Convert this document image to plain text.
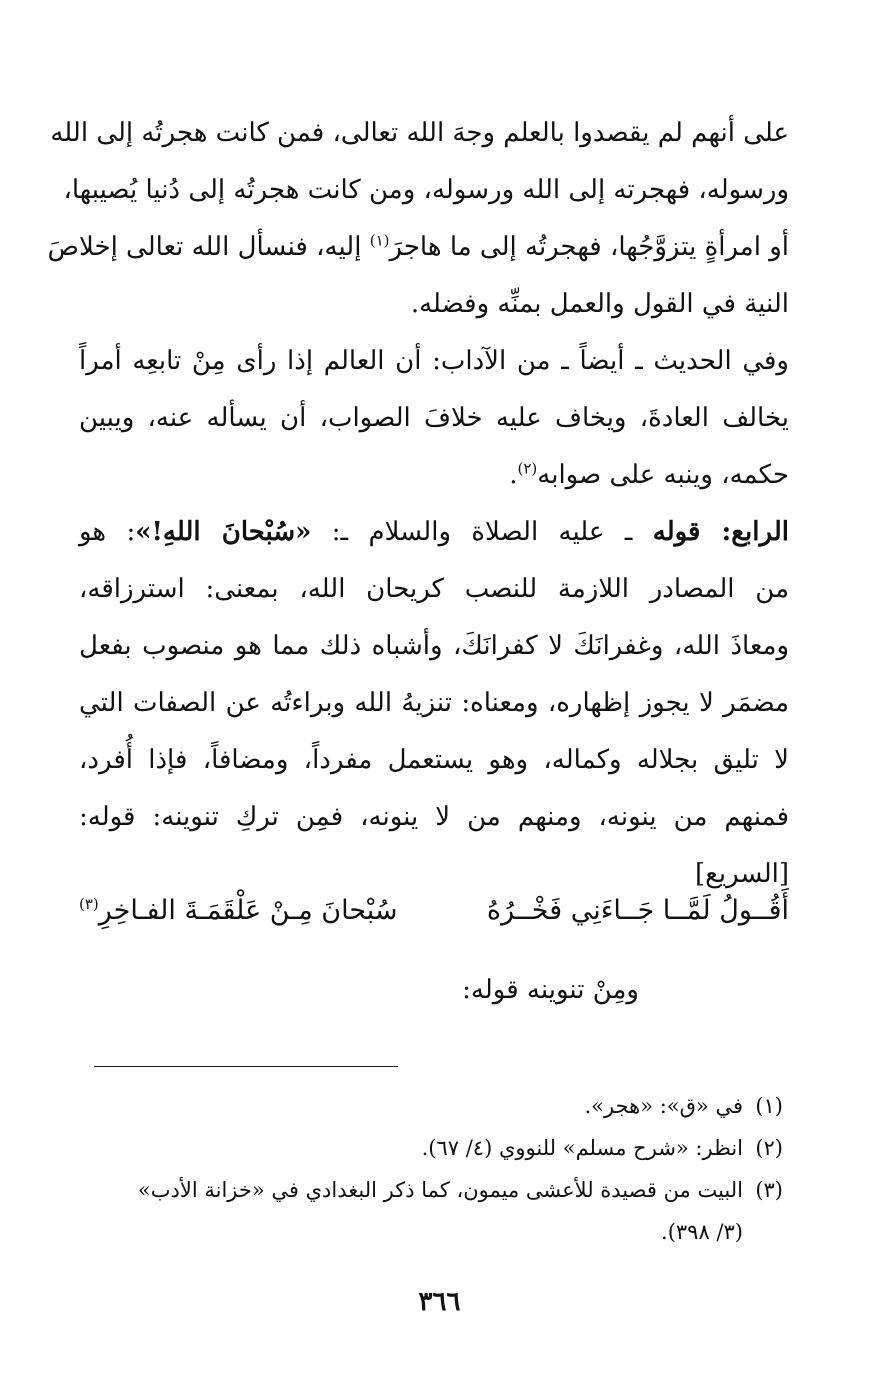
على أنهم لم يقصدوا بالعلم وجهَ الله تعالى، فمن كانت هجرتُه إلى الله
ورسوله، فهجرته إلى الله ورسوله، ومن كانت هجرتُه إلى دُنيا يُصيبها،
أو امرأةٍ يتزوَّجُها، فهجرتُه إلى ما هاجرَ$^{(١)}$ إليه، فنسأل الله تعالى إخلاصَ
النية في القول والعمل بمنِّه وفضله.
وفي الحديث ـ أيضاً ـ من الآداب: أن العالم إذا رأى مِنْ تابعِه أمراً
يخالف العادةَ، ويخاف عليه خلافَ الصواب، أن يسأله عنه، ويبين
حكمه، وينبه على صوابه$^{(٢)}$.
الرابع: قوله ـ عليه الصلاة والسلام ـ: «سُبْحانَ اللهِ!»: هو
من المصادر اللازمة للنصب كريحان الله، بمعنى: استرزاقه،
ومعاذَ الله، وغفرانَكَ لا كفرانَكَ، وأشباه ذلك مما هو منصوب بفعل
مضمَر لا يجوز إظهاره، ومعناه: تنزيهُ الله وبراءتُه عن الصفات التي
لا تليق بجلاله وكماله، وهو يستعمل مفرداً، ومضافاً، فإذا أُفرد،
فمنهم من ينونه، ومنهم من لا ينونه، فمِن تركِ تنوينه: قوله:
[السريع]
أَقُــولُ لَمَّــا جَــاءَنِي فَخْــرُهُ
سُبْحانَ مِـنْ عَلْقَمَـةَ الفـاخِرِ$^{(٣)}$
ومِنْ تنوينه قوله:
(١)
في «ق»: «هجر».
(٢)
انظر: «شرح مسلم» للنووي (٤/ ٦٧).
(٣)
البيت من قصيدة للأعشى ميمون، كما ذكر البغدادي في «خزانة الأدب»
(٣/ ٣٩٨).
٣٦٦
